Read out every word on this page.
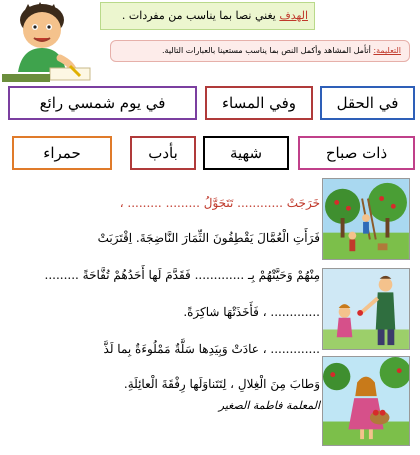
الهدف يغني نصا بما يناسب من مفردات .
التعليمة: أتأمل المشاهد وأكمل النص بما يناسب مستعينا بالعبارات التالية.
في الحقل
وفي المساء
في يوم شمسي رائع
ذات صباح
شهية
بأدب
حمراء
خَرَجَتْ ............ تَتَجَوَّلُ ......... ......... ،
فَرَأَتِ الْعُمَّالَ يَقْطِفُونَ الثِّمَارَ النَّاضِجَةَ. اِقْتَرَبَتْ
مِنْهُمْ وَحَيَّتْهُمْ بِـ ............. فَقَدَّمَ لَها أَحَدُهُمْ تُفَّاحَةً .........
............. ، فَأَخَذَتْهَا شاكِرَةً.
............. ، عادَتْ وَبِيَدِها سَلَّةٌ مَمْلُوءَةٌ بِما لَذَّ
وَطابَ مِنَ الْغِلالِ ، لِتَتَناوَلَها رِفْقَةَ الْعائِلَةِ.
المعلمة فاطمة الصغير
